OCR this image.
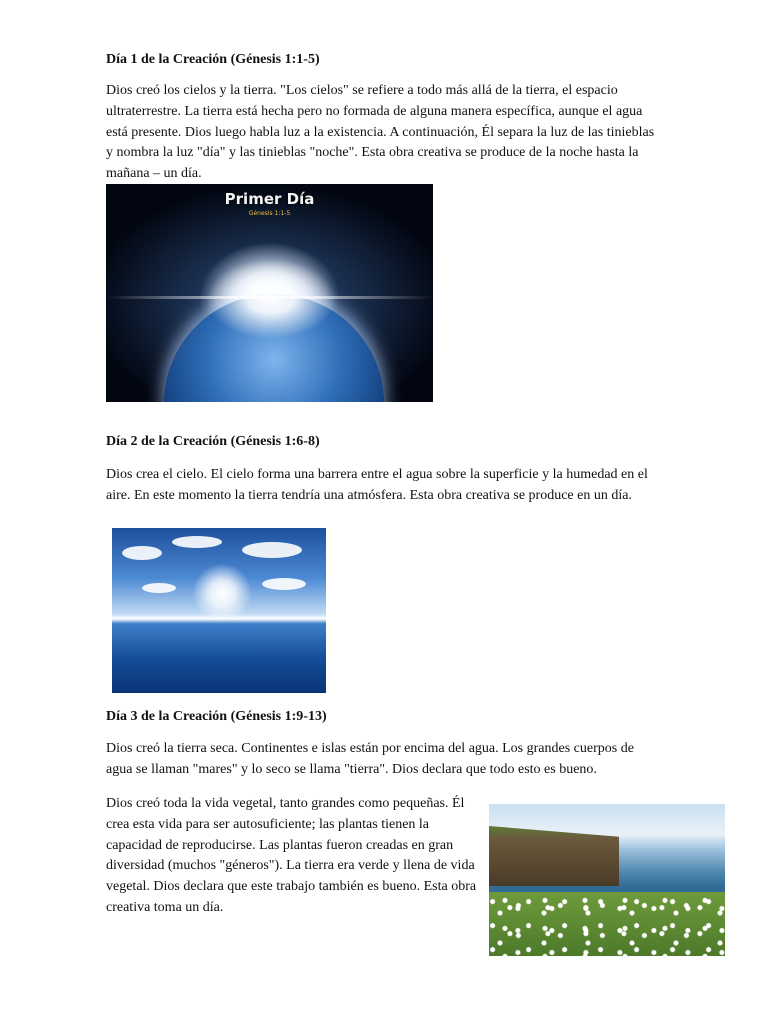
Día 1 de la Creación (Génesis 1:1-5)

Dios creó los cielos y la tierra. "Los cielos" se refiere a todo más allá de la tierra, el espacio ultraterrestre. La tierra está hecha pero no formada de alguna manera específica, aunque el agua está presente. Dios luego habla luz a la existencia. A continuación, Él separa la luz de las tinieblas y nombra la luz "día" y las tinieblas "noche". Esta obra creativa se produce de la noche hasta la mañana – un día.

Primer Día
Génesis 1:1-5
Día 2 de la Creación (Génesis 1:6-8)

Dios crea el cielo. El cielo forma una barrera entre el agua sobre la superficie y la humedad en el aire. En este momento la tierra tendría una atmósfera. Esta obra creativa se produce en un día.

Día 3 de la Creación (Génesis 1:9-13)

Dios creó la tierra seca. Continentes e islas están por encima del agua. Los grandes cuerpos de agua se llaman "mares" y lo seco se llama "tierra". Dios declara que todo esto es bueno.

Dios creó toda la vida vegetal, tanto grandes como pequeñas. Él crea esta vida para ser autosuficiente; las plantas tienen la capacidad de reproducirse. Las plantas fueron creadas en gran diversidad (muchos "géneros"). La tierra era verde y llena de vida vegetal. Dios declara que este trabajo también es bueno. Esta obra creativa toma un día.
